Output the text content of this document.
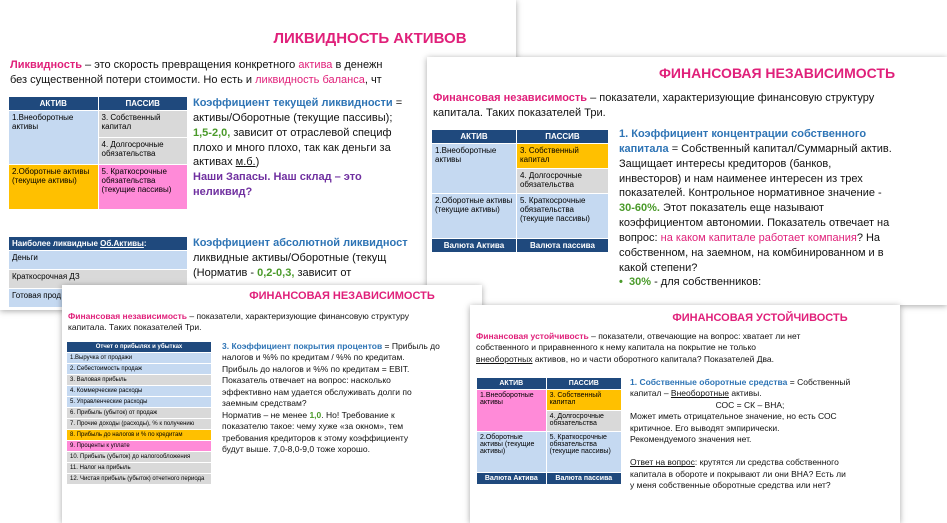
ЛИКВИДНОСТЬ АКТИВОВ
Ликвидность – это скорость превращения конкретного актива в денежн
без существенной потери стоимости. Но есть и ликвидность баланса, чт
АКТИВ	ПАССИВ
1.Внеоборотные активы	3. Собственный капитал
	4. Долгосрочные обязательства
2.Оборотные активы (текущие активы)	5. Краткосрочные обязательства (текущие пассивы)
Коэффициент текущей ликвидности =
активы/Оборотные (текущие пассивы);
1,5-2,0, зависит от отраслевой специф
плохо и много плохо, так как деньги за
активах м.б.)
Наши Запасы. Наш склад – это
неликвид?
Наиболее ликвидные Об.Активы:
Деньги
Краткосрочная ДЗ
Готовая прод
Коэффициент абсолютной ликвидност
ликвидные активы/Оборотные (текущ
(Норматив - 0,2-0,3, зависит от
ФИНАНСОВАЯ НЕЗАВИСИМОСТЬ
Финансовая независимость – показатели, характеризующие финансовую структуру
капитала. Таких показателей Три.
АКТИВ	ПАССИВ
1.Внеоборотные активы	3. Собственный капитал
	4. Долгосрочные обязательства
2.Оборотные активы (текущие активы)	5. Краткосрочные обязательства (текущие пассивы)
Валюта Актива	Валюта пассива
1. Коэффициент концентрации собственного
капитала = Собственный капитал/Суммарный актив.
Защищает интересы кредиторов (банков,
инвесторов) и нам наименее интересен из трех
показателей. Контрольное нормативное значение -
30-60%. Этот показатель еще называют
коэффициентом автономии. Показатель отвечает на
вопрос: на каком капитале работает компания? На
собственном, на заемном, на комбинированном и в
какой степени?
• 30% - для собственников:
ФИНАНСОВАЯ НЕЗАВИСИМОСТЬ
Финансовая независимость – показатели, характеризующие финансовую структуру
капитала. Таких показателей Три.
Отчет о прибылях и убытках
1.Выручка от продажи
2. Себестоимость продаж
3. Валовая прибыль
4. Коммерческие расходы
5. Управленческие расходы
6. Прибыль (убыток) от продаж
7. Прочие доходы (расходы), % к получению
8. Прибыль до налогов и % по кредитам
9. Проценты к уплате
10. Прибыль (убыток) до налогообложения
11. Налог на прибыль
12. Чистая прибыль (убыток) отчетного периода
3. Коэффициент покрытия процентов = Прибыль до
налогов и %% по кредитам / %% по кредитам.
Прибыль до налогов и %% по кредитам = EBIT.
Показатель отвечает на вопрос: насколько
эффективно нам удается обслуживать долги по
заемным средствам?
Норматив – не менее 1,0. Но! Требование к
показателю такое: чему хуже «за окном», тем
требования кредиторов к этому коэффициенту
будут выше. 7,0-8,0-9,0 тоже хорошо.
ФИНАНСОВАЯ УСТОЙЧИВОСТЬ
Финансовая устойчивость – показатели, отвечающие на вопрос: хватает ли нет
собственного и приравненного к нему капитала на покрытие не только
внеоборотных активов, но и части оборотного капитала? Показателей Два.
АКТИВ	ПАССИВ
1.Внеоборотные активы	3. Собственный капитал
	4. Долгосрочные обязательства
2.Оборотные активы (текущие активы)	5. Краткосрочные обязательства (текущие пассивы)
Валюта Актива	Валюта пассива
1. Собственные оборотные средства = Собственный
капитал – Внеоборотные активы.
СОС = СК – ВНА;
Может иметь отрицательное значение, но есть СОС
критичное. Его выводят эмпирически.
Рекомендуемого значения нет.

Ответ на вопрос: крутятся ли средства собственного
капитала в обороте и покрывают ли они ВНА? Есть ли
у меня собственные оборотные средства или нет?
